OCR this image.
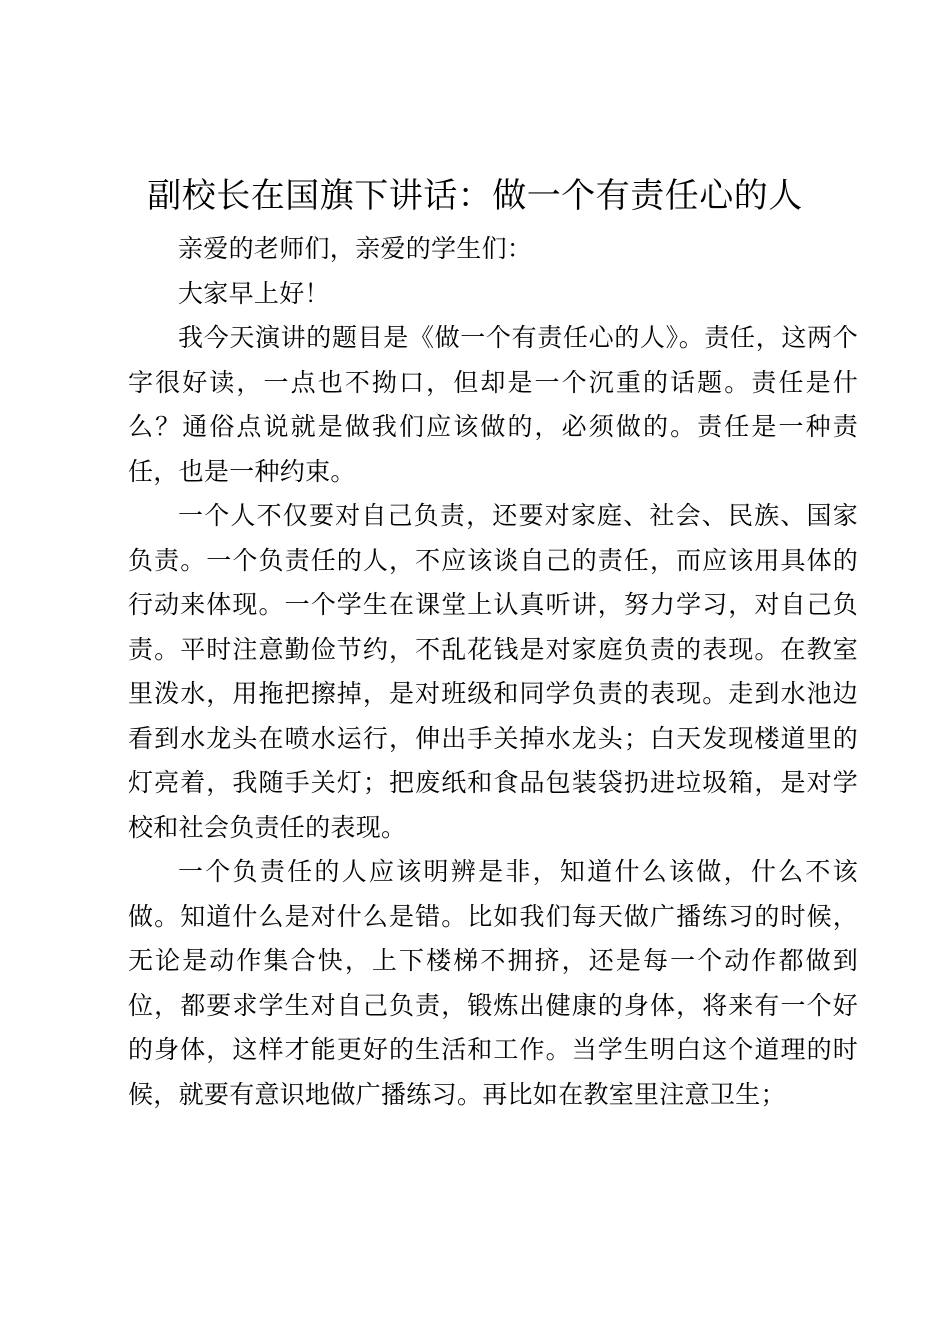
副校长在国旗下讲话：做一个有责任心的人

亲爱的老师们，亲爱的学生们：

大家早上好！

我今天演讲的题目是《做一个有责任心的人》。责任，这两个字很好读，一点也不拗口，但却是一个沉重的话题。责任是什么？通俗点说就是做我们应该做的，必须做的。责任是一种责任，也是一种约束。

一个人不仅要对自己负责，还要对家庭、社会、民族、国家负责。一个负责任的人，不应该谈自己的责任，而应该用具体的行动来体现。一个学生在课堂上认真听讲，努力学习，对自己负责。平时注意勤俭节约，不乱花钱是对家庭负责的表现。在教室里泼水，用拖把擦掉，是对班级和同学负责的表现。走到水池边看到水龙头在喷水运行，伸出手关掉水龙头；白天发现楼道里的灯亮着，我随手关灯；把废纸和食品包装袋扔进垃圾箱，是对学校和社会负责任的表现。

一个负责任的人应该明辨是非，知道什么该做，什么不该做。知道什么是对什么是错。比如我们每天做广播练习的时候，无论是动作集合快，上下楼梯不拥挤，还是每一个动作都做到位，都要求学生对自己负责，锻炼出健康的身体，将来有一个好的身体，这样才能更好的生活和工作。当学生明白这个道理的时候，就要有意识地做广播练习。再比如在教室里注意卫生；
